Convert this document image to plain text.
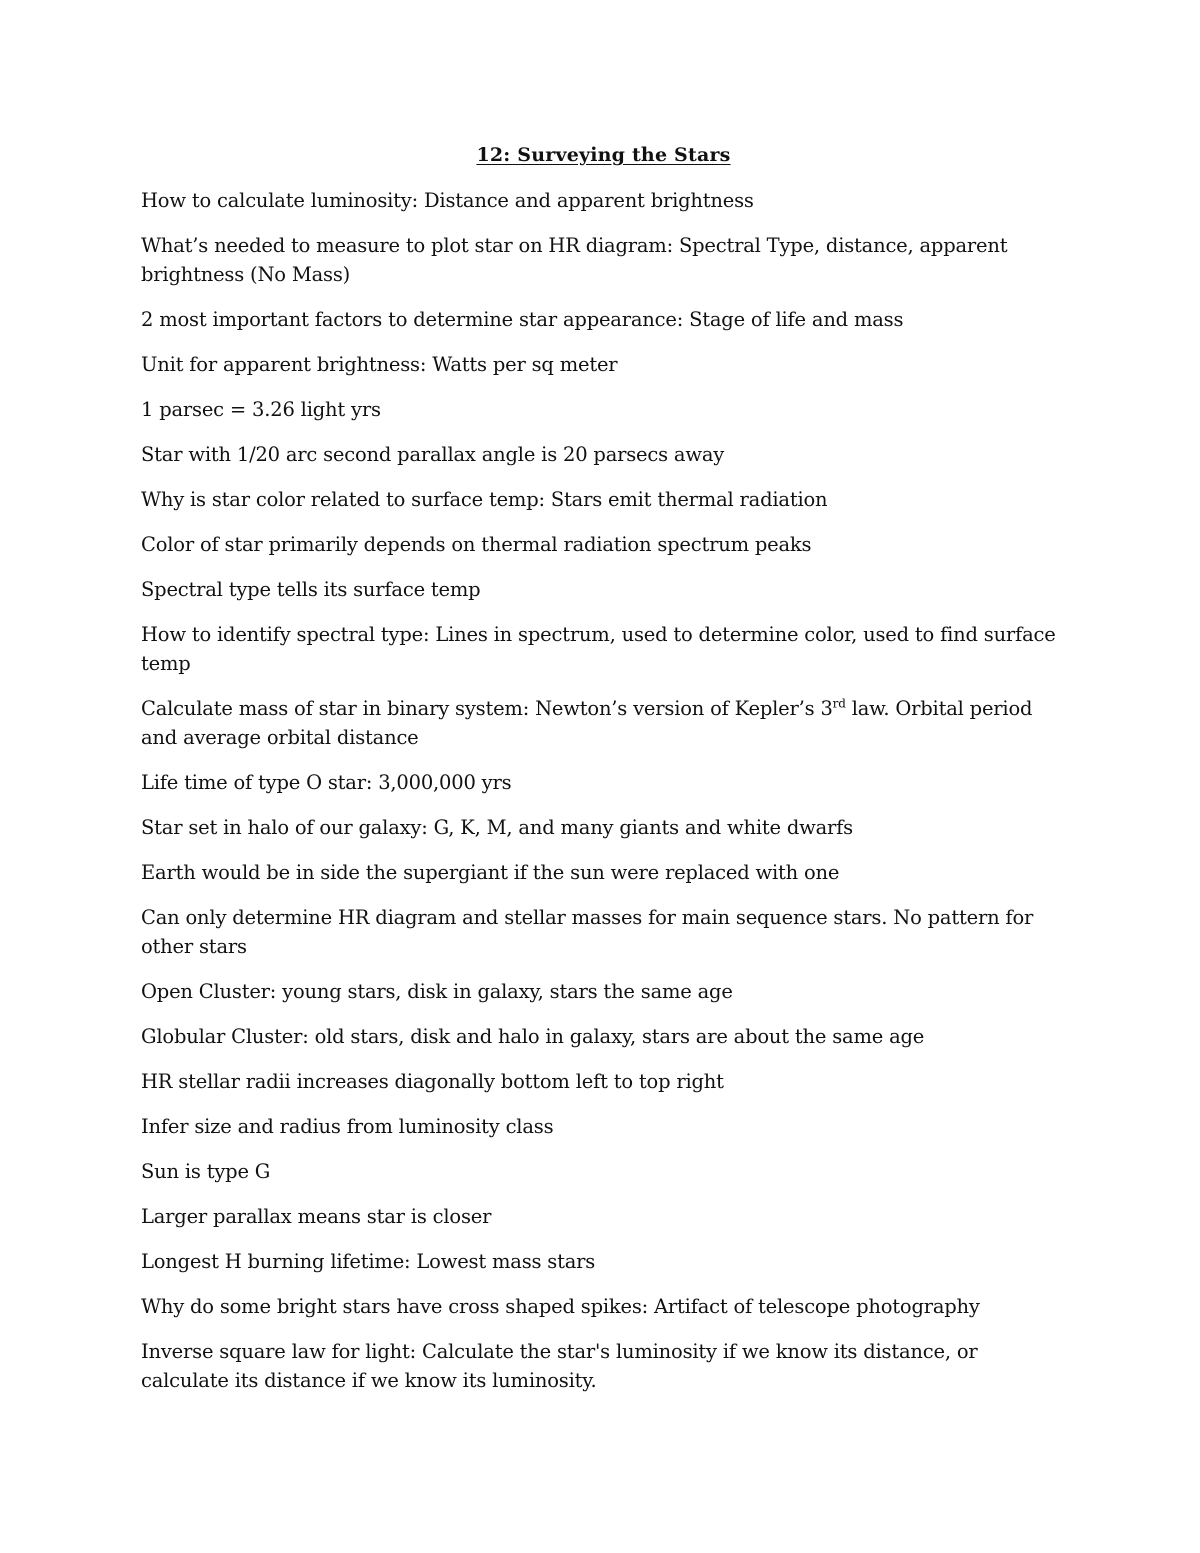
12: Surveying the Stars
How to calculate luminosity: Distance and apparent brightness
What’s needed to measure to plot star on HR diagram: Spectral Type, distance, apparent brightness (No Mass)
2 most important factors to determine star appearance: Stage of life and mass
Unit for apparent brightness: Watts per sq meter
1 parsec = 3.26 light yrs
Star with 1/20 arc second parallax angle is 20 parsecs away
Why is star color related to surface temp: Stars emit thermal radiation
Color of star primarily depends on thermal radiation spectrum peaks
Spectral type tells its surface temp
How to identify spectral type: Lines in spectrum, used to determine color, used to find surface temp
Calculate mass of star in binary system: Newton’s version of Kepler’s 3rd law. Orbital period and average orbital distance
Life time of type O star: 3,000,000 yrs
Star set in halo of our galaxy: G, K, M, and many giants and white dwarfs
Earth would be in side the supergiant if the sun were replaced with one
Can only determine HR diagram and stellar masses for main sequence stars. No pattern for other stars
Open Cluster: young stars, disk in galaxy, stars the same age
Globular Cluster: old stars, disk and halo in galaxy, stars are about the same age
HR stellar radii increases diagonally bottom left to top right
Infer size and radius from luminosity class
Sun is type G
Larger parallax means star is closer
Longest H burning lifetime: Lowest mass stars
Why do some bright stars have cross shaped spikes: Artifact of telescope photography
Inverse square law for light: Calculate the star's luminosity if we know its distance, or calculate its distance if we know its luminosity.
